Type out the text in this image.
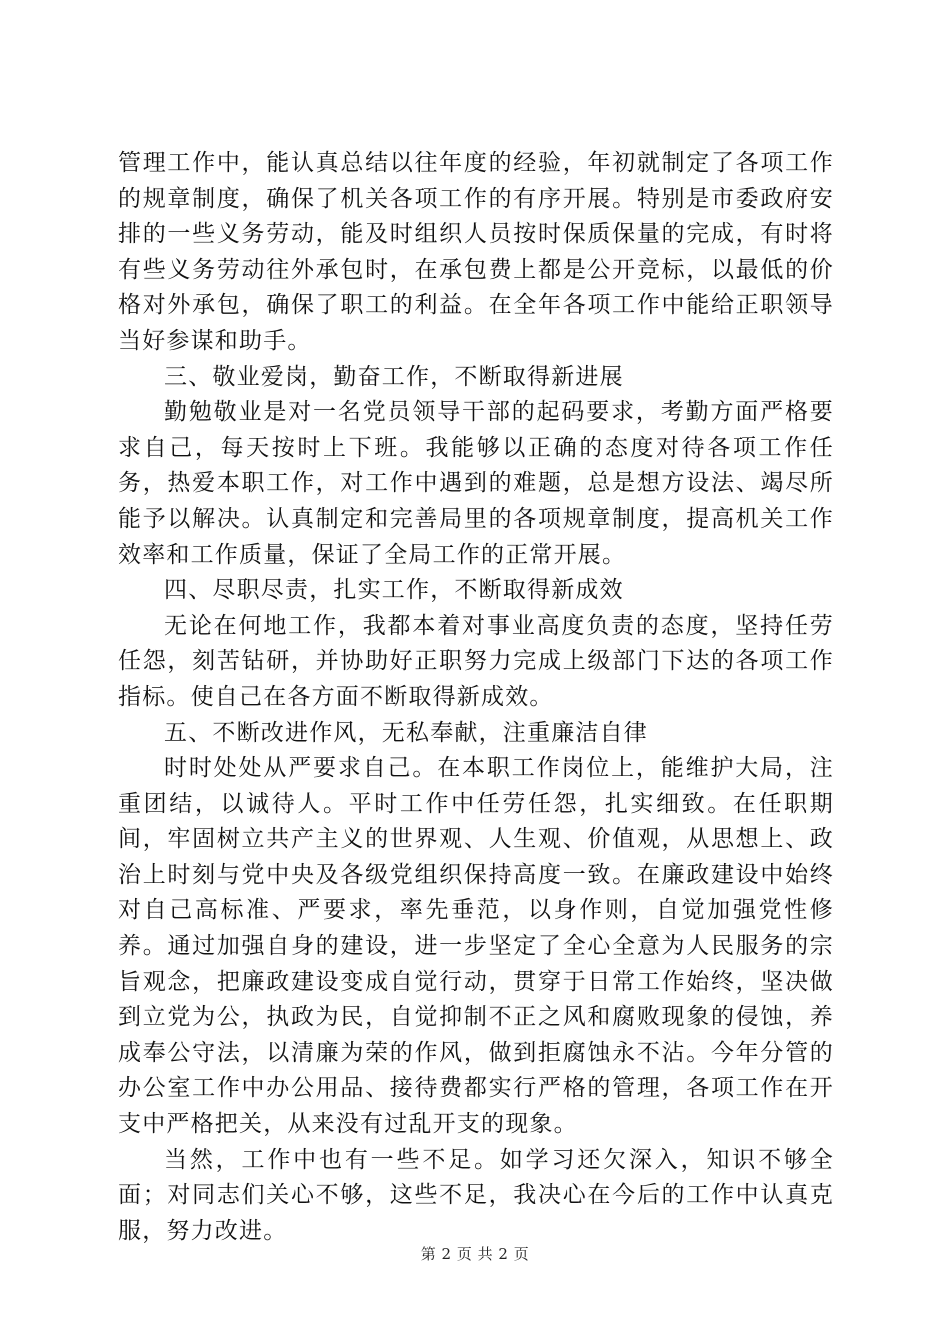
管理工作中，能认真总结以往年度的经验，年初就制定了各项工作的规章制度，确保了机关各项工作的有序开展。特别是市委政府安排的一些义务劳动，能及时组织人员按时保质保量的完成，有时将有些义务劳动往外承包时，在承包费上都是公开竞标，以最低的价格对外承包，确保了职工的利益。在全年各项工作中能给正职领导当好参谋和助手。

三、敬业爱岗，勤奋工作，不断取得新进展

勤勉敬业是对一名党员领导干部的起码要求，考勤方面严格要求自己，每天按时上下班。我能够以正确的态度对待各项工作任务，热爱本职工作，对工作中遇到的难题，总是想方设法、竭尽所能予以解决。认真制定和完善局里的各项规章制度，提高机关工作效率和工作质量，保证了全局工作的正常开展。

四、尽职尽责，扎实工作，不断取得新成效

无论在何地工作，我都本着对事业高度负责的态度，坚持任劳任怨，刻苦钻研，并协助好正职努力完成上级部门下达的各项工作指标。使自己在各方面不断取得新成效。

五、不断改进作风，无私奉献，注重廉洁自律

时时处处从严要求自己。在本职工作岗位上，能维护大局，注重团结，以诚待人。平时工作中任劳任怨，扎实细致。在任职期间，牢固树立共产主义的世界观、人生观、价值观，从思想上、政治上时刻与党中央及各级党组织保持高度一致。在廉政建设中始终对自己高标准、严要求，率先垂范，以身作则，自觉加强党性修养。通过加强自身的建设，进一步坚定了全心全意为人民服务的宗旨观念，把廉政建设变成自觉行动，贯穿于日常工作始终，坚决做到立党为公，执政为民，自觉抑制不正之风和腐败现象的侵蚀，养成奉公守法，以清廉为荣的作风，做到拒腐蚀永不沾。今年分管的办公室工作中办公用品、接待费都实行严格的管理，各项工作在开支中严格把关，从来没有过乱开支的现象。

当然，工作中也有一些不足。如学习还欠深入，知识不够全面；对同志们关心不够，这些不足，我决心在今后的工作中认真克服，努力改进。

第 2 页 共 2 页
